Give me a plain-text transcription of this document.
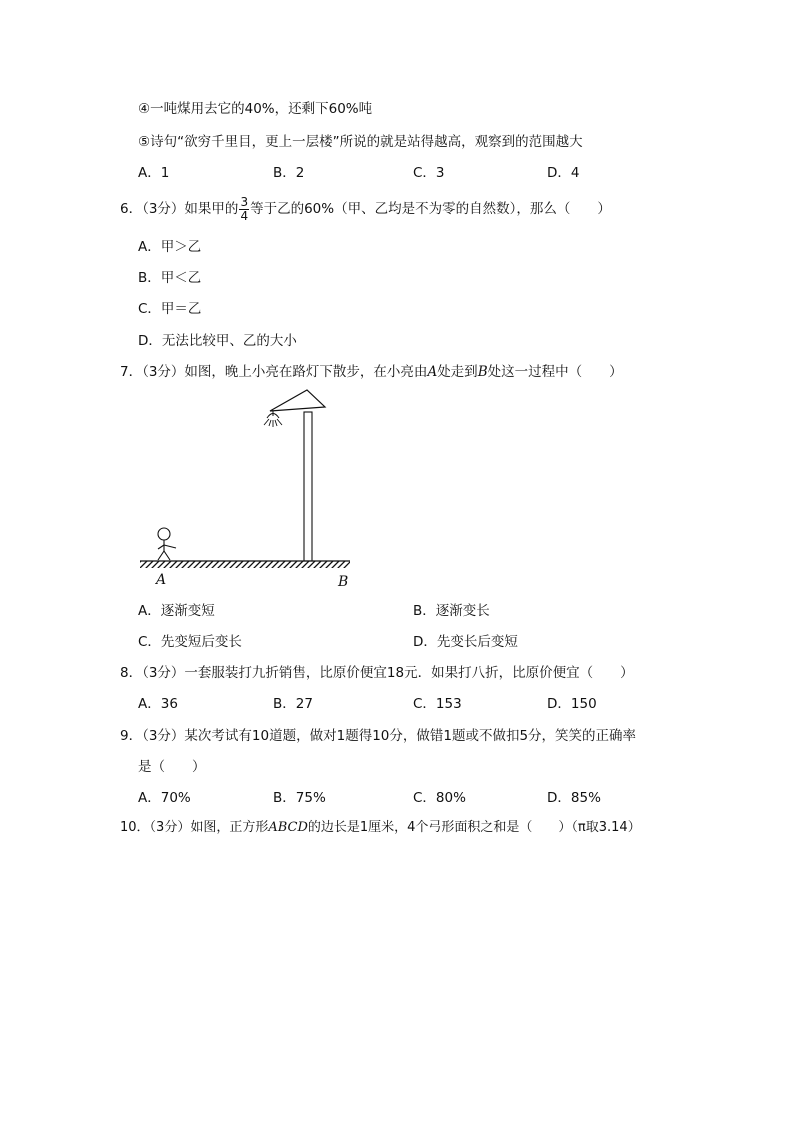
④一吨煤用去它的40%，还剩下60%吨
⑤诗句“欲穷千里目，更上一层楼”所说的就是站得越高，观察到的范围越大
A．1	B．2	C．3	D．4
6．（3分）如果甲的 $\frac{3}{4}$ 等于乙的60%（甲、乙均是不为零的自然数），那么（　　）
A．甲＞乙
B．甲＜乙
C．甲＝乙
D．无法比较甲、乙的大小
7．（3分）如图，晚上小亮在路灯下散步，在小亮由A处走到B处这一过程中（　　）
A	B
A．逐渐变短	B．逐渐变长
C．先变短后变长	D．先变长后变短
8．（3分）一套服装打九折销售，比原价便宜18元．如果打八折，比原价便宜（　　）
A．36	B．27	C．153	D．150
9．（3分）某次考试有10道题，做对1题得10分，做错1题或不做扣5分，笑笑的正确率
是（　　）
A．70%	B．75%	C．80%	D．85%
10．（3分）如图，正方形ABCD的边长是1厘米，4个弓形面积之和是（　　）（π取3.14）
